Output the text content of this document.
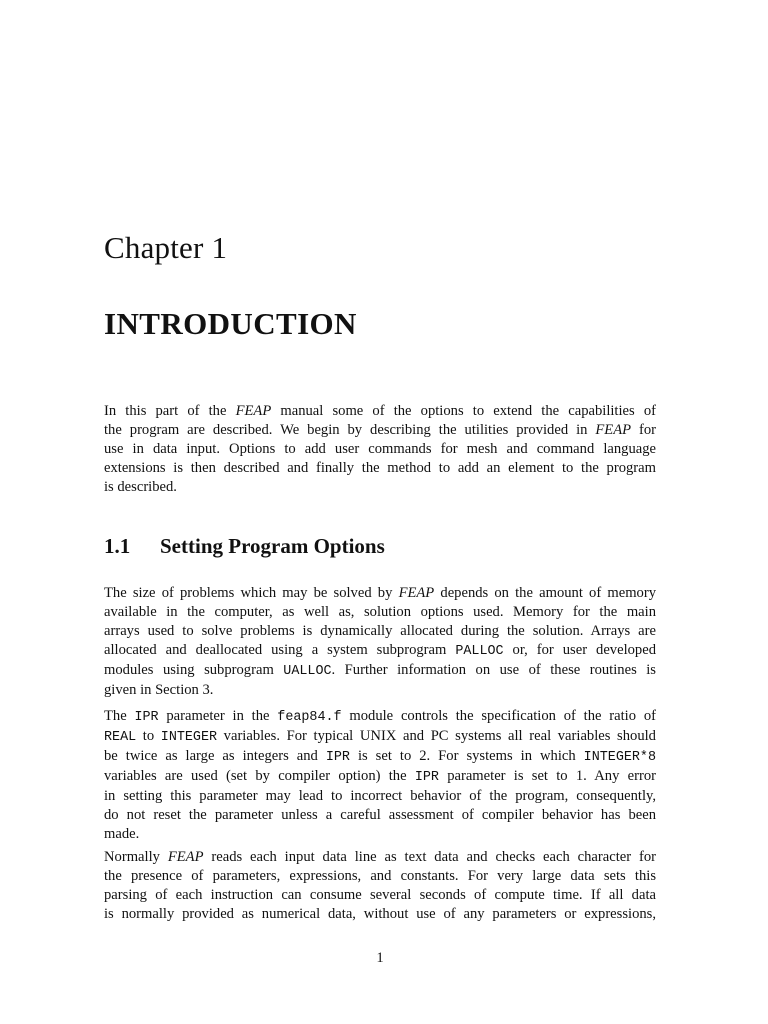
Chapter 1
INTRODUCTION
In this part of the FEAP manual some of the options to extend the capabilities of
the program are described. We begin by describing the utilities provided in FEAP for
use in data input. Options to add user commands for mesh and command language
extensions is then described and finally the method to add an element to the program
is described.
1.1 Setting Program Options
The size of problems which may be solved by FEAP depends on the amount of memory
available in the computer, as well as, solution options used. Memory for the main
arrays used to solve problems is dynamically allocated during the solution. Arrays are
allocated and deallocated using a system subprogram PALLOC or, for user developed
modules using subprogram UALLOC. Further information on use of these routines is
given in Section 3.
The IPR parameter in the feap84.f module controls the specification of the ratio of
REAL to INTEGER variables. For typical UNIX and PC systems all real variables should
be twice as large as integers and IPR is set to 2. For systems in which INTEGER*8
variables are used (set by compiler option) the IPR parameter is set to 1. Any error
in setting this parameter may lead to incorrect behavior of the program, consequently,
do not reset the parameter unless a careful assessment of compiler behavior has been
made.
Normally FEAP reads each input data line as text data and checks each character for
the presence of parameters, expressions, and constants. For very large data sets this
parsing of each instruction can consume several seconds of compute time. If all data
is normally provided as numerical data, without use of any parameters or expressions,
1
